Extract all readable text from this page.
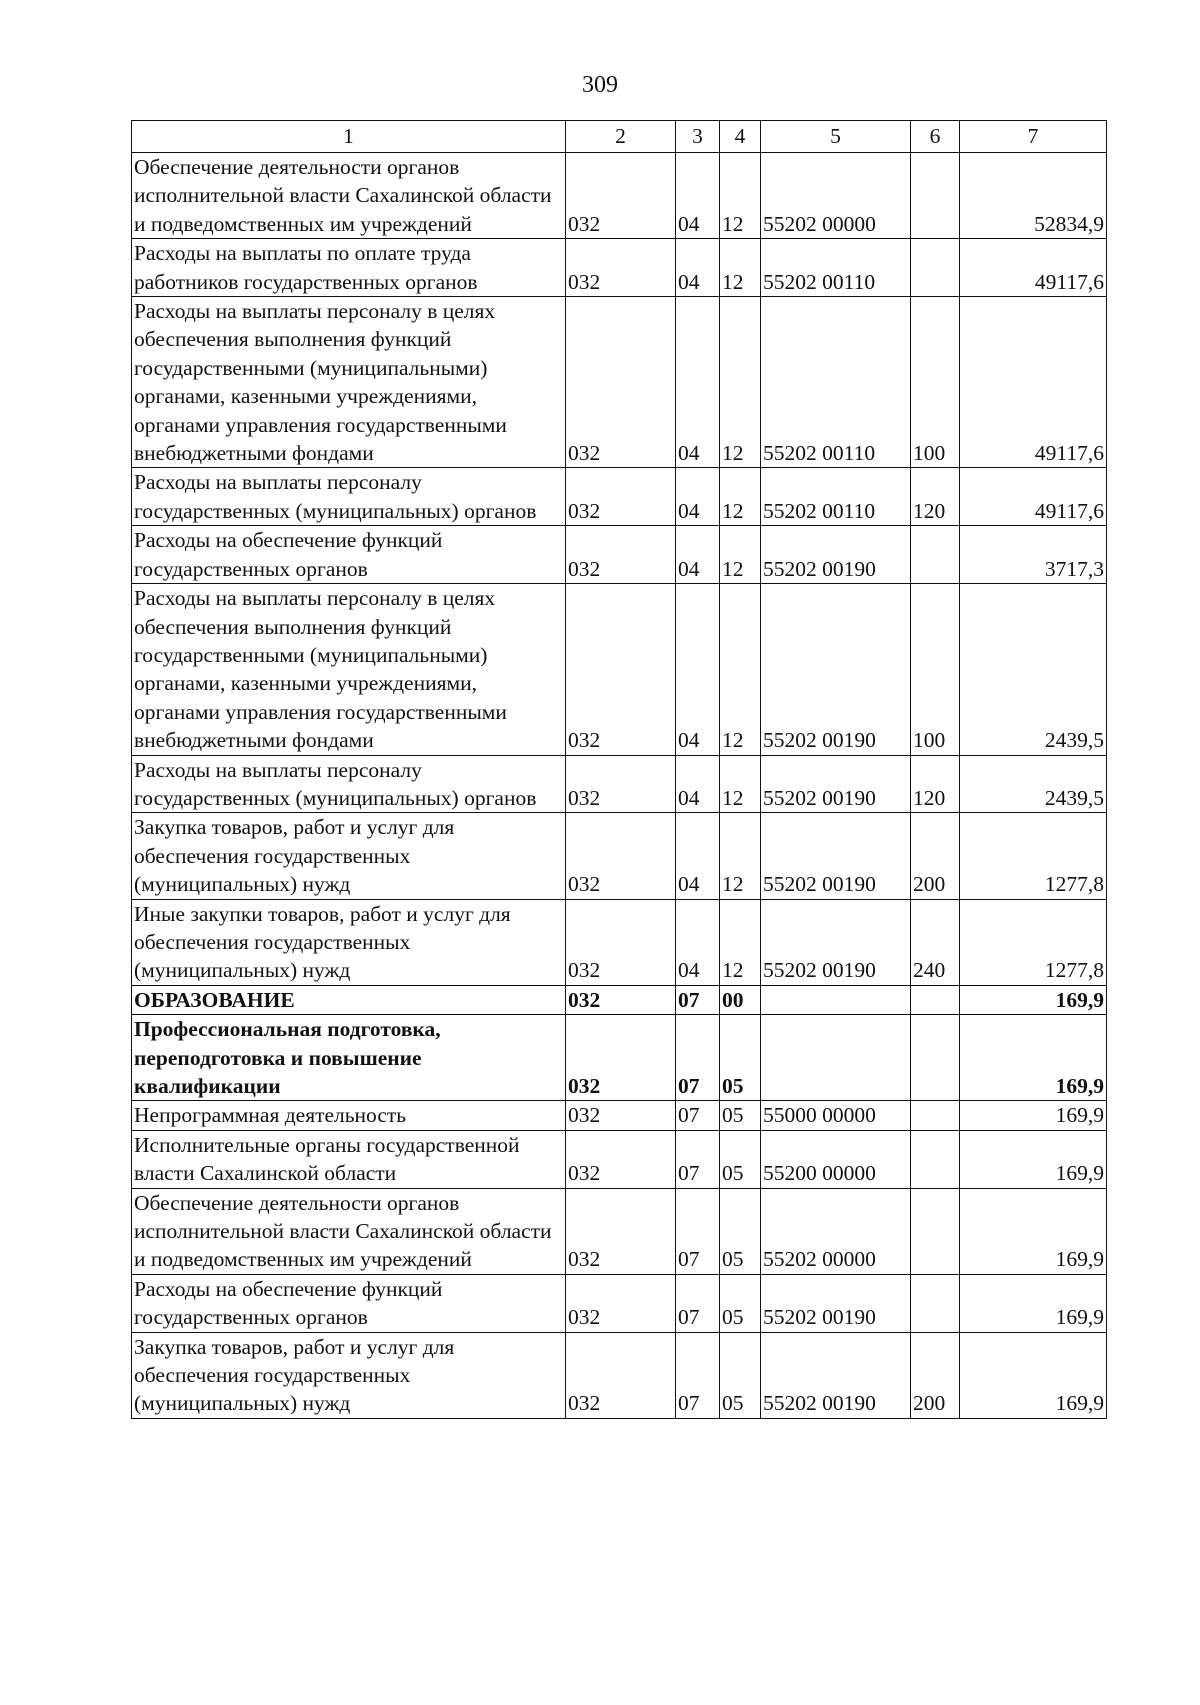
309
1	2	3	4	5	6	7
Обеспечение деятельности органов исполнительной власти Сахалинской области и подведомственных им учреждений	032	04	12	55202 00000		52834,9
Расходы на выплаты по оплате труда работников государственных органов	032	04	12	55202 00110		49117,6
Расходы на выплаты персоналу в целях обеспечения выполнения функций государственными (муниципальными) органами, казенными учреждениями, органами управления государственными внебюджетными фондами	032	04	12	55202 00110	100	49117,6
Расходы на выплаты персоналу государственных (муниципальных) органов	032	04	12	55202 00110	120	49117,6
Расходы на обеспечение функций государственных органов	032	04	12	55202 00190		3717,3
Расходы на выплаты персоналу в целях обеспечения выполнения функций государственными (муниципальными) органами, казенными учреждениями, органами управления государственными внебюджетными фондами	032	04	12	55202 00190	100	2439,5
Расходы на выплаты персоналу государственных (муниципальных) органов	032	04	12	55202 00190	120	2439,5
Закупка товаров, работ и услуг для обеспечения государственных (муниципальных) нужд	032	04	12	55202 00190	200	1277,8
Иные закупки товаров, работ и услуг для обеспечения государственных (муниципальных) нужд	032	04	12	55202 00190	240	1277,8
ОБРАЗОВАНИЕ	032	07	00			169,9
Профессиональная подготовка, переподготовка и повышение квалификации	032	07	05			169,9
Непрограммная деятельность	032	07	05	55000 00000		169,9
Исполнительные органы государственной власти Сахалинской области	032	07	05	55200 00000		169,9
Обеспечение деятельности органов исполнительной власти Сахалинской области и подведомственных им учреждений	032	07	05	55202 00000		169,9
Расходы на обеспечение функций государственных органов	032	07	05	55202 00190		169,9
Закупка товаров, работ и услуг для обеспечения государственных (муниципальных) нужд	032	07	05	55202 00190	200	169,9
